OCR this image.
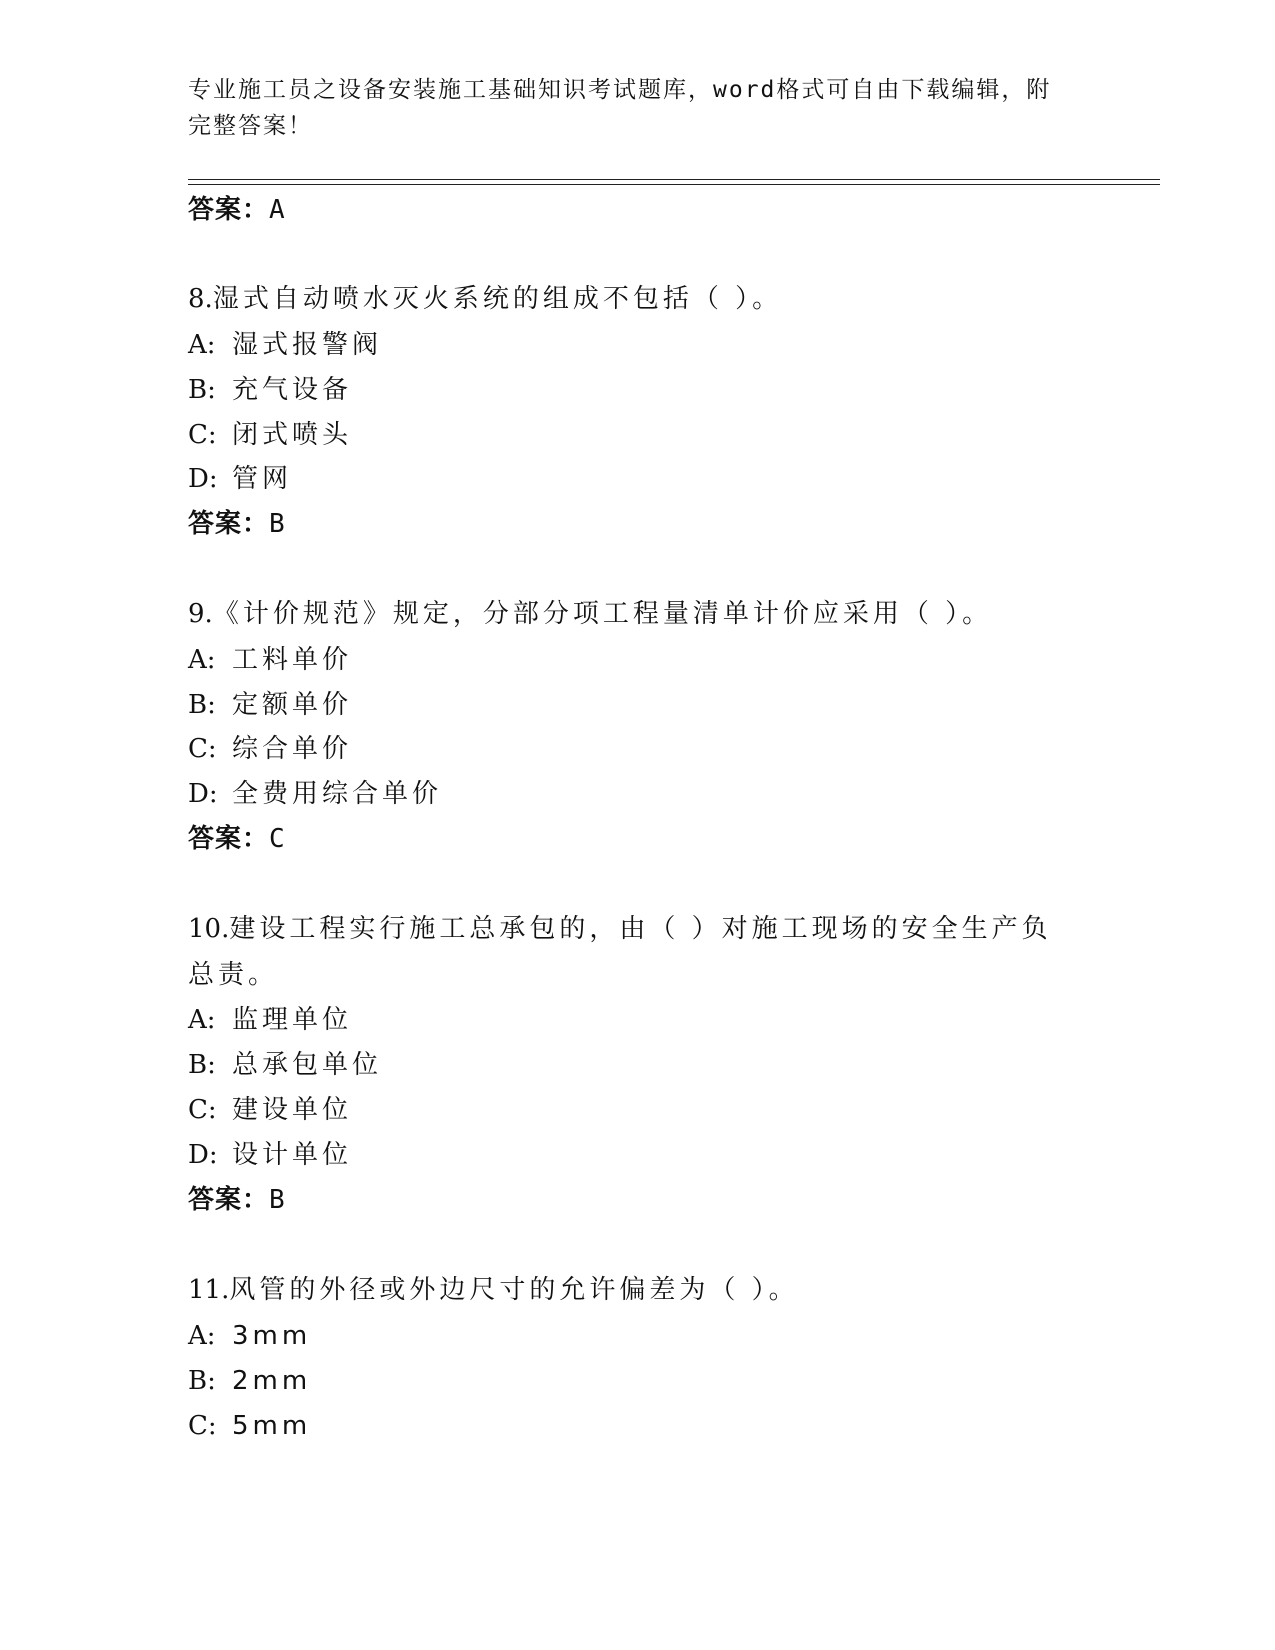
专业施工员之设备安装施工基础知识考试题库，word格式可自由下载编辑，附完整答案！
答案：A
8.湿式自动喷水灭火系统的组成不包括（ ）。
A: 湿式报警阀
B: 充气设备
C: 闭式喷头
D: 管网
答案：B
9.《计价规范》规定，分部分项工程量清单计价应采用（ ）。
A: 工料单价
B: 定额单价
C: 综合单价
D: 全费用综合单价
答案：C
10.建设工程实行施工总承包的，由（ ）对施工现场的安全生产负总责。
A: 监理单位
B: 总承包单位
C: 建设单位
D: 设计单位
答案：B
11.风管的外径或外边尺寸的允许偏差为（ ）。
A: 3mm
B: 2mm
C: 5mm
